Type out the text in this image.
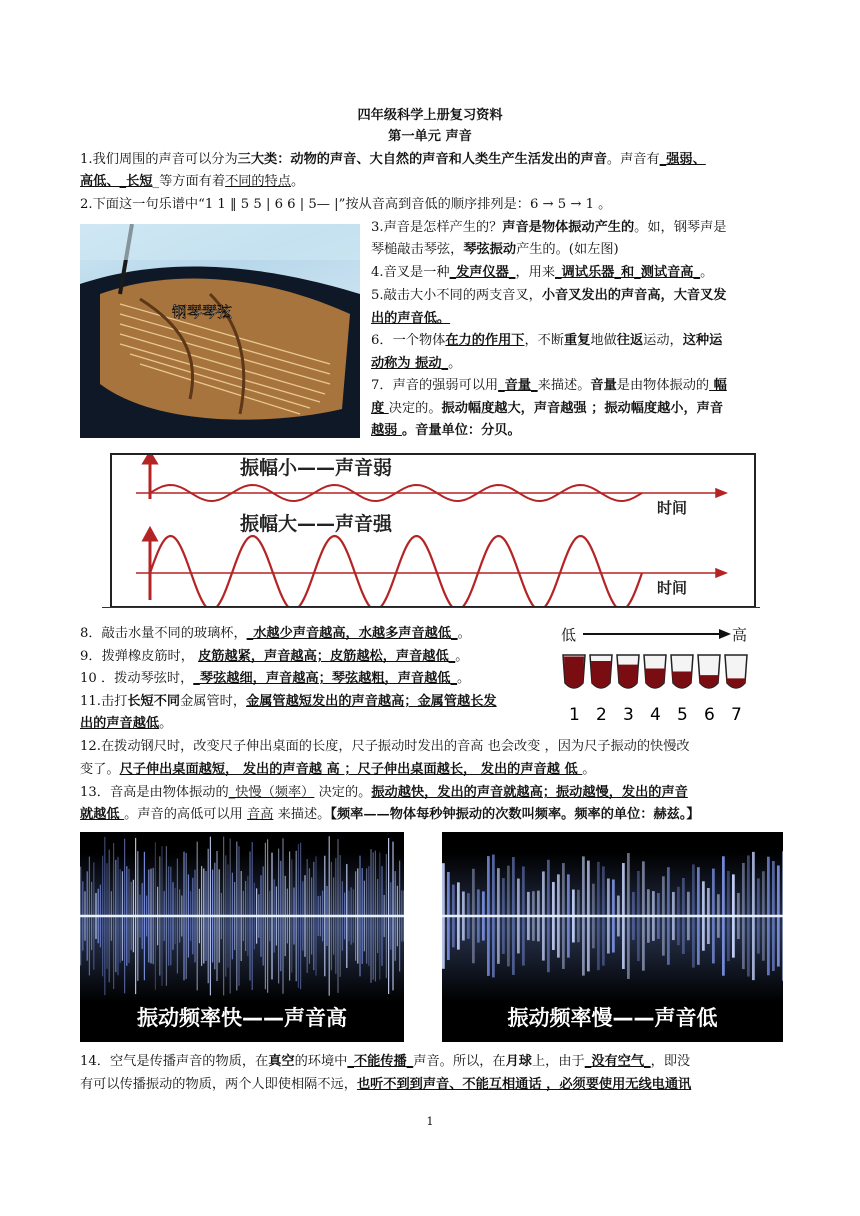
四年级科学上册复习资料
第一单元 声音
1.我们周围的声音可以分为三大类：动物的声音、大自然的声音和人类生产生活发出的声音。声音有_强弱、
高低、_长短_等方面有着不同的特点。
2.下面这一句乐谱中“1 1 ‖ 5 5 | 6 6 | 5— |”按从音高到音低的顺序排列是：6 → 5 → 1 。
钢琴琴弦
3.声音是怎样产生的？声音是物体振动产生的。如，钢琴声是
琴槌敲击琴弦，琴弦振动产生的。(如左图)
4.音叉是一种_发声仪器_，用来_调试乐器_和_测试音高_。
5.敲击大小不同的两支音叉，小音叉发出的声音高，大音叉发
出的声音低。
6．一个物体在力的作用下，不断重复地做往返运动，这种运
动称为 振动_。
7．声音的强弱可以用_音量_来描述。音量是由物体振动的 幅
度 决定的。振动幅度越大，声音越强 ；振动幅度越小，声音
越弱 。音量单位：分贝。
振幅小——声音弱
振幅大——声音强
时间
时间
8．敲击水量不同的玻璃杯，_水越少声音越高，水越多声音越低_。
9．拨弹橡皮筋时， 皮筋越紧，声音越高；皮筋越松，声音越低_。
10 ．拨动琴弦时，_琴弦越细，声音越高；琴弦越粗，声音越低_。
11.击打长短不同金属管时，金属管越短发出的声音越高；金属管越长发
出的声音越低。
低	高
1 2 3 4 5 6 7
12.在拨动钢尺时，改变尺子伸出桌面的长度，尺子振动时发出的音高 也会改变 ，因为尺子振动的快慢改
变了。尺子伸出桌面越短， 发出的声音越 高 ；尺子伸出桌面越长， 发出的声音越 低 。
13．音高是由物体振动的_快慢（频率） 决定的。振动越快，发出的声音就越高；振动越慢，发出的声音
就越低 。声音的高低可以用 音高 来描述。【频率——物体每秒钟振动的次数叫频率。频率的单位：赫兹。】
振动频率快——声音高	振动频率慢——声音低
14．空气是传播声音的物质，在真空的环境中_不能传播_声音。所以，在月球上，由于_没有空气_，即没
有可以传播振动的物质，两个人即使相隔不远，也听不到到声音、不能互相通话 ，必须要使用无线电通讯
1
